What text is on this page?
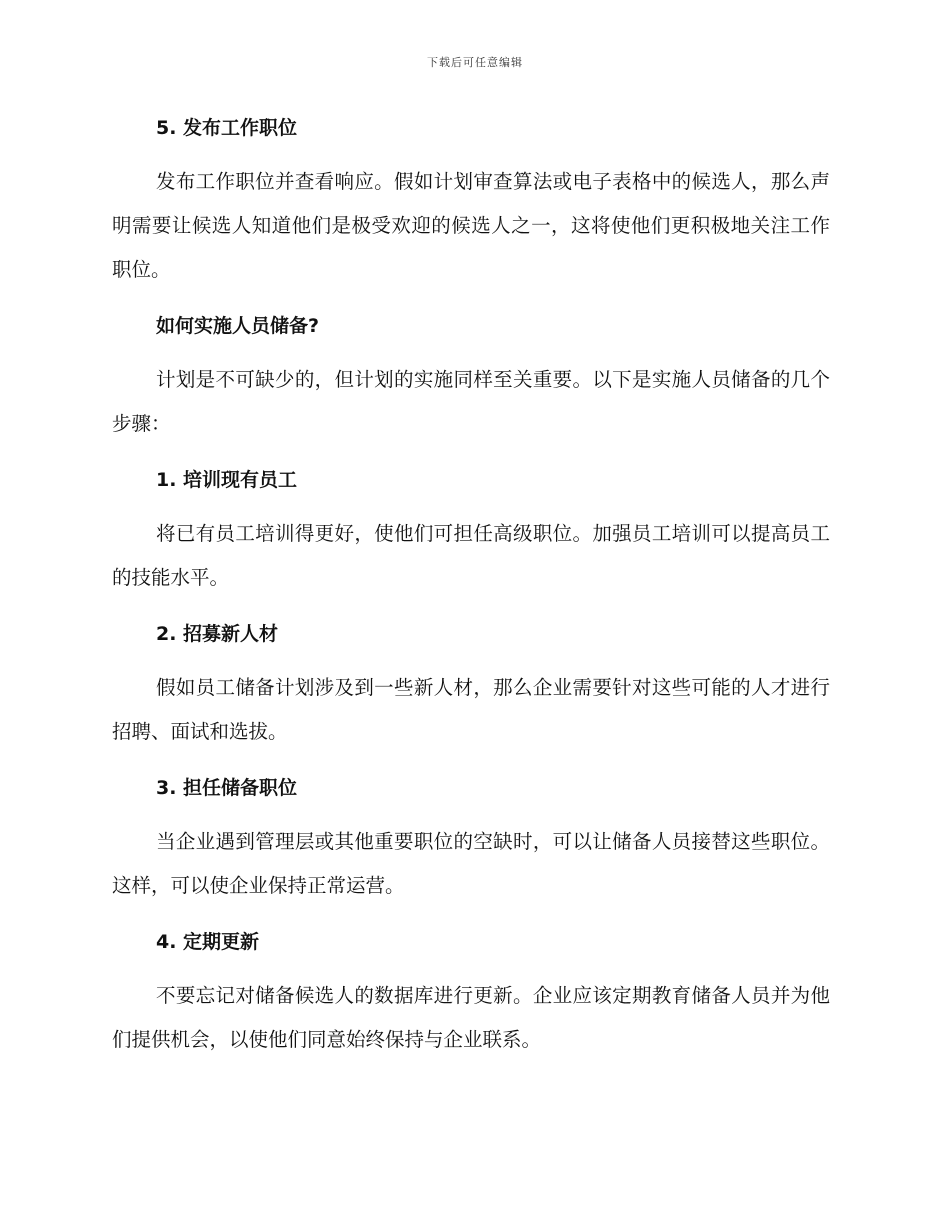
下载后可任意编辑
5. 发布工作职位

发布工作职位并查看响应。假如计划审查算法或电子表格中的候选人，那么声明需要让候选人知道他们是极受欢迎的候选人之一，这将使他们更积极地关注工作职位。

如何实施人员储备?

计划是不可缺少的，但计划的实施同样至关重要。以下是实施人员储备的几个步骤：

1. 培训现有员工

将已有员工培训得更好，使他们可担任高级职位。加强员工培训可以提高员工的技能水平。

2. 招募新人材

假如员工储备计划涉及到一些新人材，那么企业需要针对这些可能的人才进行招聘、面试和选拔。

3. 担任储备职位

当企业遇到管理层或其他重要职位的空缺时，可以让储备人员接替这些职位。这样，可以使企业保持正常运营。

4. 定期更新

不要忘记对储备候选人的数据库进行更新。企业应该定期教育储备人员并为他们提供机会，以使他们同意始终保持与企业联系。
